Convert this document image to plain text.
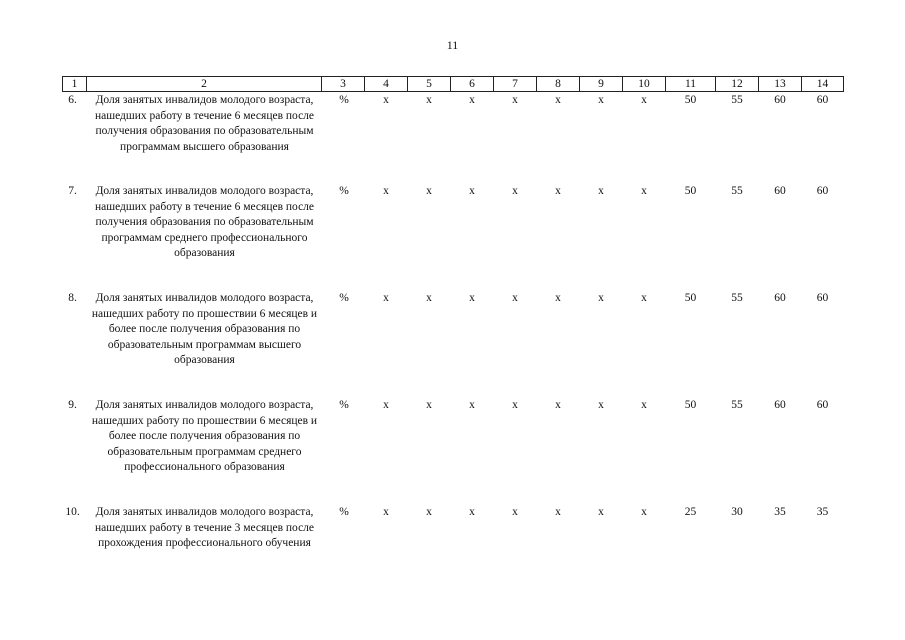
11
1	2	3	4	5	6	7	8	9	10	11	12	13	14
6.	Доля занятых инвалидов молодого возраста, нашедших работу в течение 6 месяцев после получения образования по образовательным программам высшего образования	%	х	х	х	х	х	х	х	50	55	60	60
7.	Доля занятых инвалидов молодого возраста, нашедших работу в течение 6 месяцев после получения образования по образовательным программам среднего профессионального образования	%	х	х	х	х	х	х	х	50	55	60	60
8.	Доля занятых инвалидов молодого возраста, нашедших работу по прошествии 6 месяцев и более после получения образования по образовательным программам высшего образования	%	х	х	х	х	х	х	х	50	55	60	60
9.	Доля занятых инвалидов молодого возраста, нашедших работу по прошествии 6 месяцев и более после получения образования по образовательным программам среднего профессионального образования	%	х	х	х	х	х	х	х	50	55	60	60
10.	Доля занятых инвалидов молодого возраста, нашедших работу в течение 3 месяцев после прохождения профессионального обучения	%	х	х	х	х	х	х	х	25	30	35	35
